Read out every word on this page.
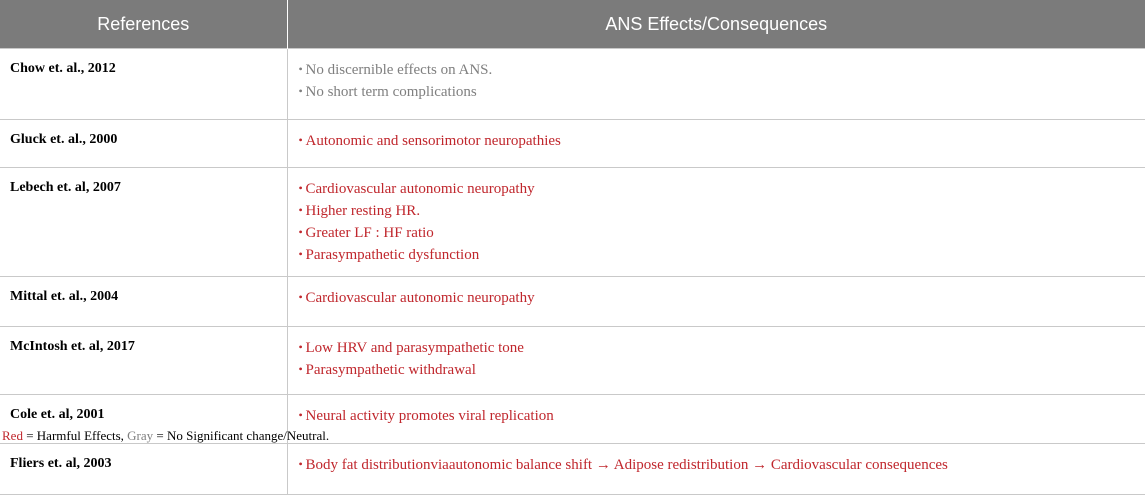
References	ANS Effects/Consequences
Chow et. al., 2012	
•No discernible effects on ANS.
•No short term complications

Gluck et. al., 2000	
•Autonomic and sensorimotor neuropathies

Lebech et. al, 2007	
•Cardiovascular autonomic neuropathy
•Higher resting HR.
•Greater LF : HF ratio
•Parasympathetic dysfunction

Mittal et. al., 2004	
•Cardiovascular autonomic neuropathy

McIntosh et. al, 2017	
•Low HRV and parasympathetic tone
•Parasympathetic withdrawal

Cole et. al, 2001	
•Neural activity promotes viral replication

Fliers et. al, 2003	
•Body fat distributionviaautonomic balance shift → Adipose redistribution → Cardiovascular consequences
Red = Harmful Effects, Gray = No Significant change/Neutral.
